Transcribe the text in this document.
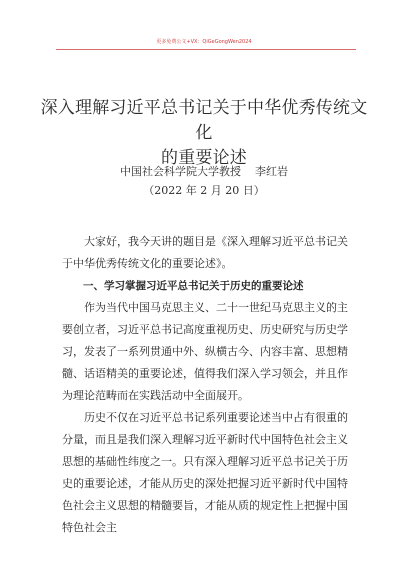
更多免费公文+VX：QiGeGongWen2024
深入理解习近平总书记关于中华优秀传统文化
的重要论述
中国社会科学院大学教授 李红岩
（2022 年 2 月 20 日）

大家好，我今天讲的题目是《深入理解习近平总书记关于中华优秀传统文化的重要论述》。

一、学习掌握习近平总书记关于历史的重要论述

作为当代中国马克思主义、二十一世纪马克思主义的主要创立者，习近平总书记高度重视历史、历史研究与历史学习，发表了一系列贯通中外、纵横古今、内容丰富、思想精髓、话语精美的重要论述，值得我们深入学习领会，并且作为理论范畴而在实践活动中全面展开。

历史不仅在习近平总书记系列重要论述当中占有很重的分量，而且是我们深入理解习近平新时代中国特色社会主义思想的基础性纬度之一。只有深入理解习近平总书记关于历史的重要论述，才能从历史的深处把握习近平新时代中国特色社会主义思想的精髓要旨，才能从质的规定性上把握中国特色社会主
